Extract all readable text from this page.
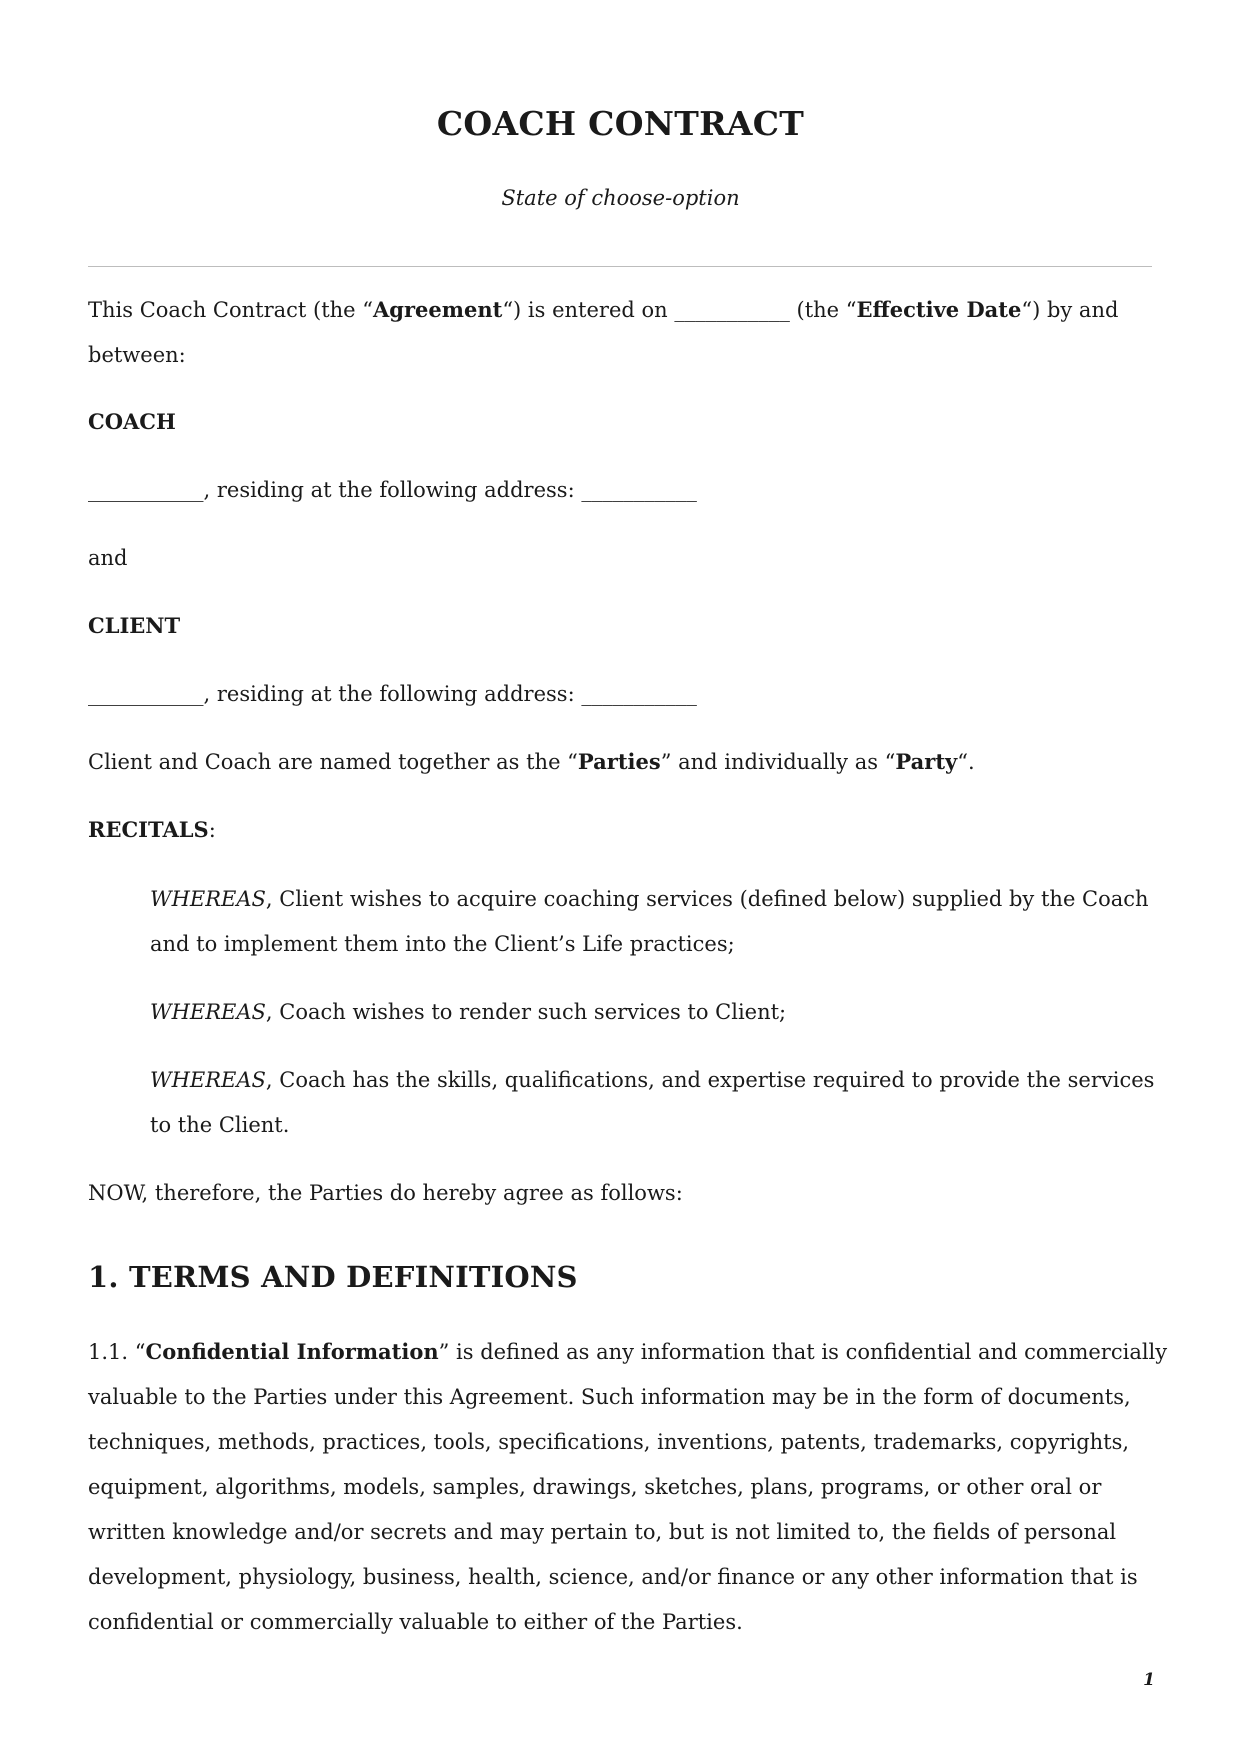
COACH CONTRACT

State of choose-option

This Coach Contract (the “Agreement“) is entered on ___________ (the “Effective Date“) by and

between:

COACH

___________, residing at the following address: ___________

and

CLIENT

___________, residing at the following address: ___________

Client and Coach are named together as the “Parties” and individually as “Party“.

RECITALS:

WHEREAS, Client wishes to acquire coaching services (defined below) supplied by the Coach

and to implement them into the Client’s Life practices;

WHEREAS, Coach wishes to render such services to Client;

WHEREAS, Coach has the skills, qualifications, and expertise required to provide the services

to the Client.

NOW, therefore, the Parties do hereby agree as follows:

1. TERMS AND DEFINITIONS

1.1. “Confidential Information” is defined as any information that is confidential and commercially

valuable to the Parties under this Agreement. Such information may be in the form of documents,

techniques, methods, practices, tools, specifications, inventions, patents, trademarks, copyrights,

equipment, algorithms, models, samples, drawings, sketches, plans, programs, or other oral or

written knowledge and/or secrets and may pertain to, but is not limited to, the fields of personal

development, physiology, business, health, science, and/or finance or any other information that is

confidential or commercially valuable to either of the Parties.

1
